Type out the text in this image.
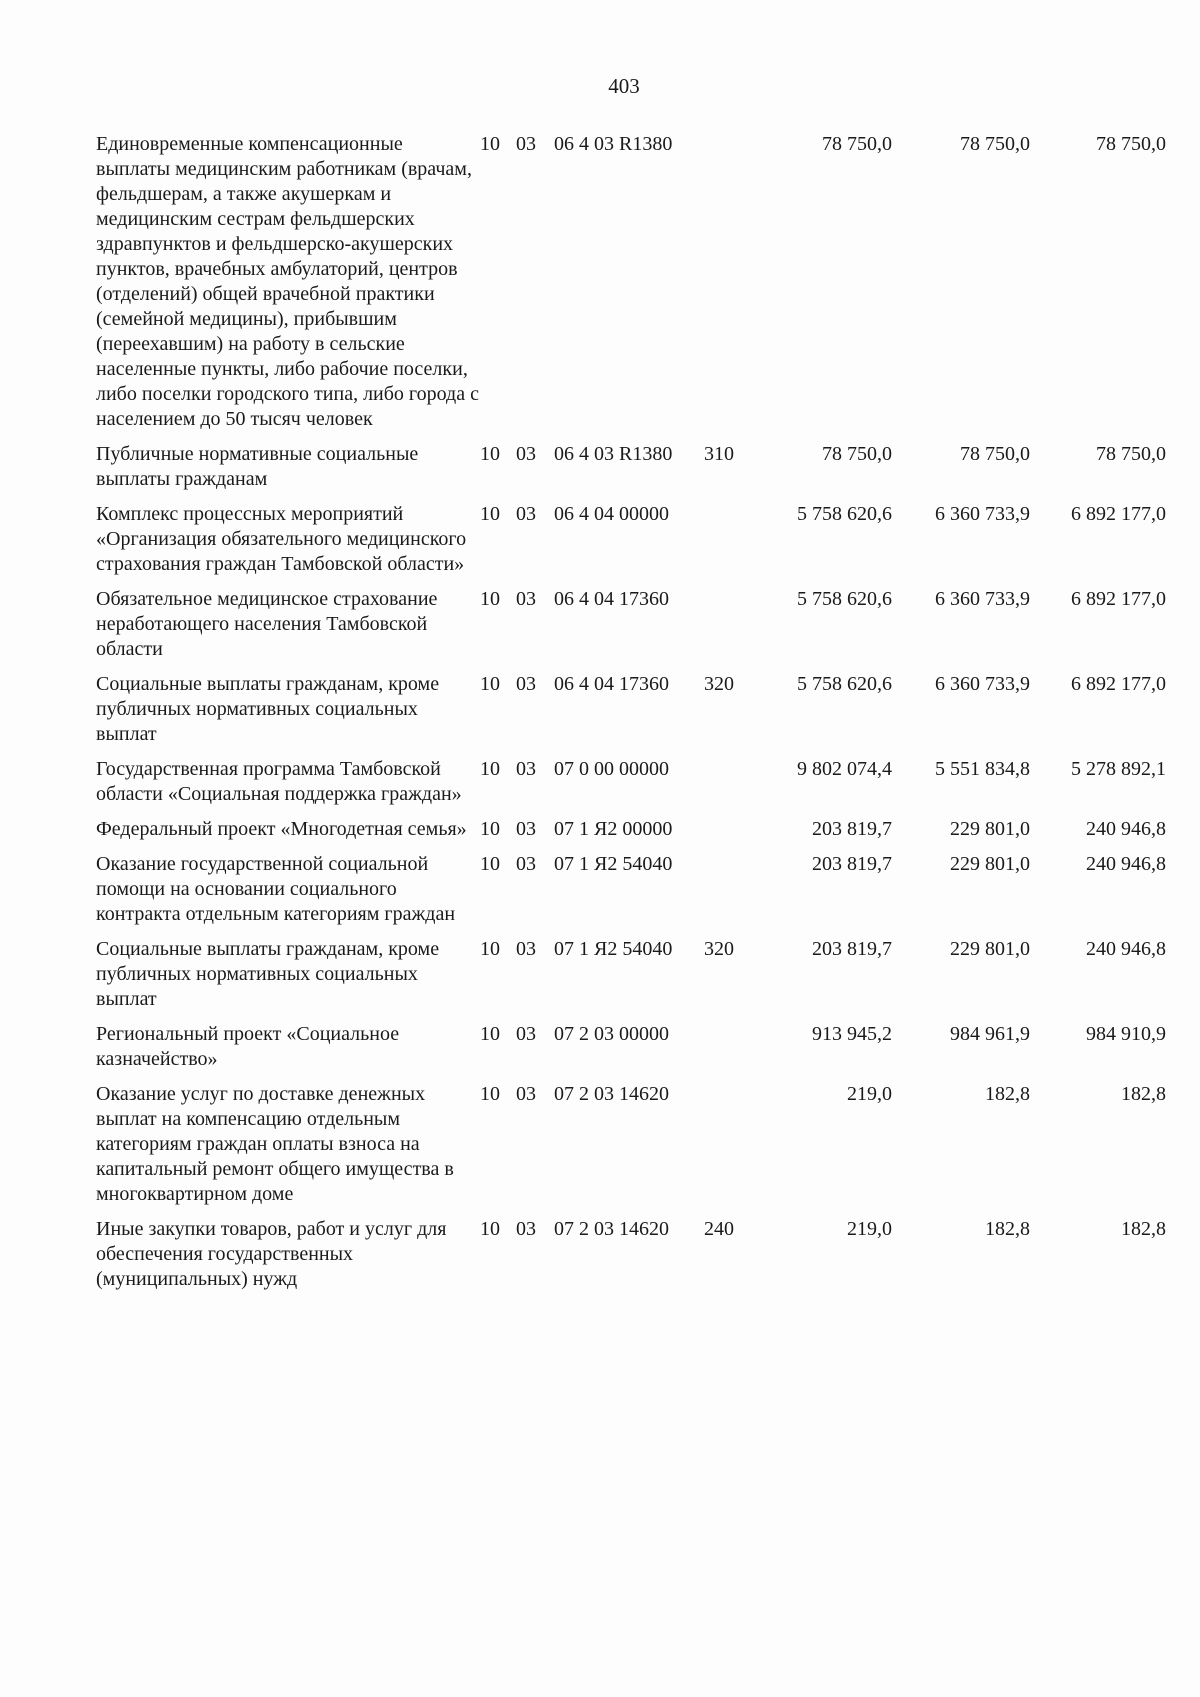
403
Единовременные компенсационные выплаты медицинским работникам (врачам, фельдшерам, а также акушеркам и медицинским сестрам фельдшерских здравпунктов и фельдшерско-акушерских пунктов, врачебных амбулаторий, центров (отделений) общей врачебной практики (семейной медицины), прибывшим (переехавшим) на работу в сельские населенные пункты, либо рабочие поселки, либо поселки городского типа, либо города с населением до 50 тысяч человек	10	03	06 4 03 R1380		78 750,0	78 750,0	78 750,0
Публичные нормативные социальные выплаты гражданам	10	03	06 4 03 R1380	310	78 750,0	78 750,0	78 750,0
Комплекс процессных мероприятий «Организация обязательного медицинского страхования граждан Тамбовской области»	10	03	06 4 04 00000		5 758 620,6	6 360 733,9	6 892 177,0
Обязательное медицинское страхование неработающего населения Тамбовской области	10	03	06 4 04 17360		5 758 620,6	6 360 733,9	6 892 177,0
Социальные выплаты гражданам, кроме публичных нормативных социальных выплат	10	03	06 4 04 17360	320	5 758 620,6	6 360 733,9	6 892 177,0
Государственная программа Тамбовской области «Социальная поддержка граждан»	10	03	07 0 00 00000		9 802 074,4	5 551 834,8	5 278 892,1
Федеральный проект «Многодетная семья»	10	03	07 1 Я2 00000		203 819,7	229 801,0	240 946,8
Оказание государственной социальной помощи на основании социального контракта отдельным категориям граждан	10	03	07 1 Я2 54040		203 819,7	229 801,0	240 946,8
Социальные выплаты гражданам, кроме публичных нормативных социальных выплат	10	03	07 1 Я2 54040	320	203 819,7	229 801,0	240 946,8
Региональный проект «Социальное казначейство»	10	03	07 2 03 00000		913 945,2	984 961,9	984 910,9
Оказание услуг по доставке денежных выплат на компенсацию отдельным категориям граждан оплаты взноса на капитальный ремонт общего имущества в многоквартирном доме	10	03	07 2 03 14620		219,0	182,8	182,8
Иные закупки товаров, работ и услуг для обеспечения государственных (муниципальных) нужд	10	03	07 2 03 14620	240	219,0	182,8	182,8
